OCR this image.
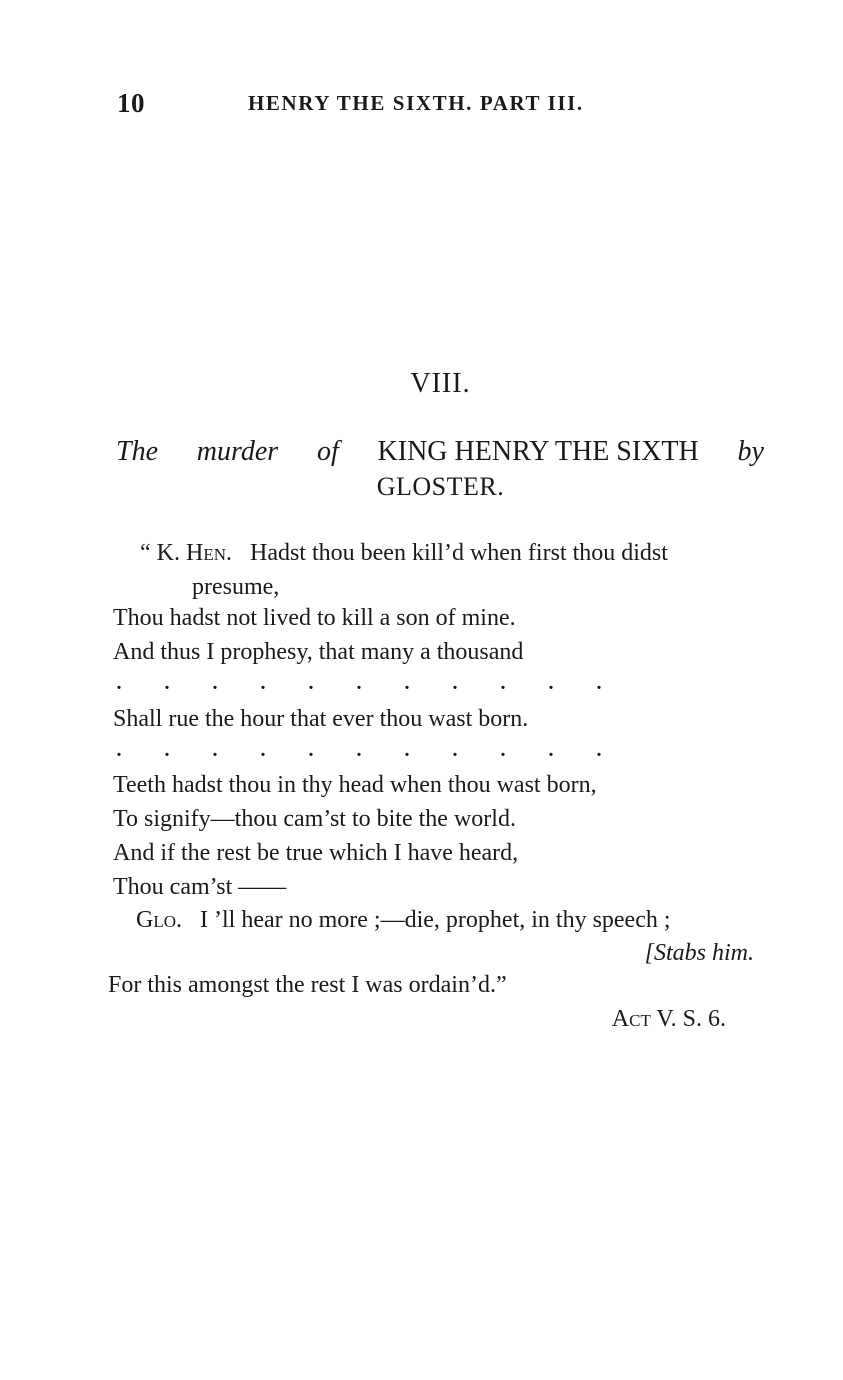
10	HENRY THE SIXTH. PART III.
VIII.
The murder of KING HENRY THE SIXTH by
GLOSTER.
“ K. Hen. Hadst thou been kill’d when first thou didst
presume,
Thou hadst not lived to kill a son of mine.
And thus I prophesy, that many a thousand
. . . . . . . . . . .
Shall rue the hour that ever thou wast born.
. . . . . . . . . . .
Teeth hadst thou in thy head when thou wast born,
To signify—thou cam’st to bite the world.
And if the rest be true which I have heard,
Thou cam’st ——
Glo. I ’ll hear no more ;—die, prophet, in thy speech ;
[Stabs him.
For this amongst the rest I was ordain’d.”
Act V. S. 6.
